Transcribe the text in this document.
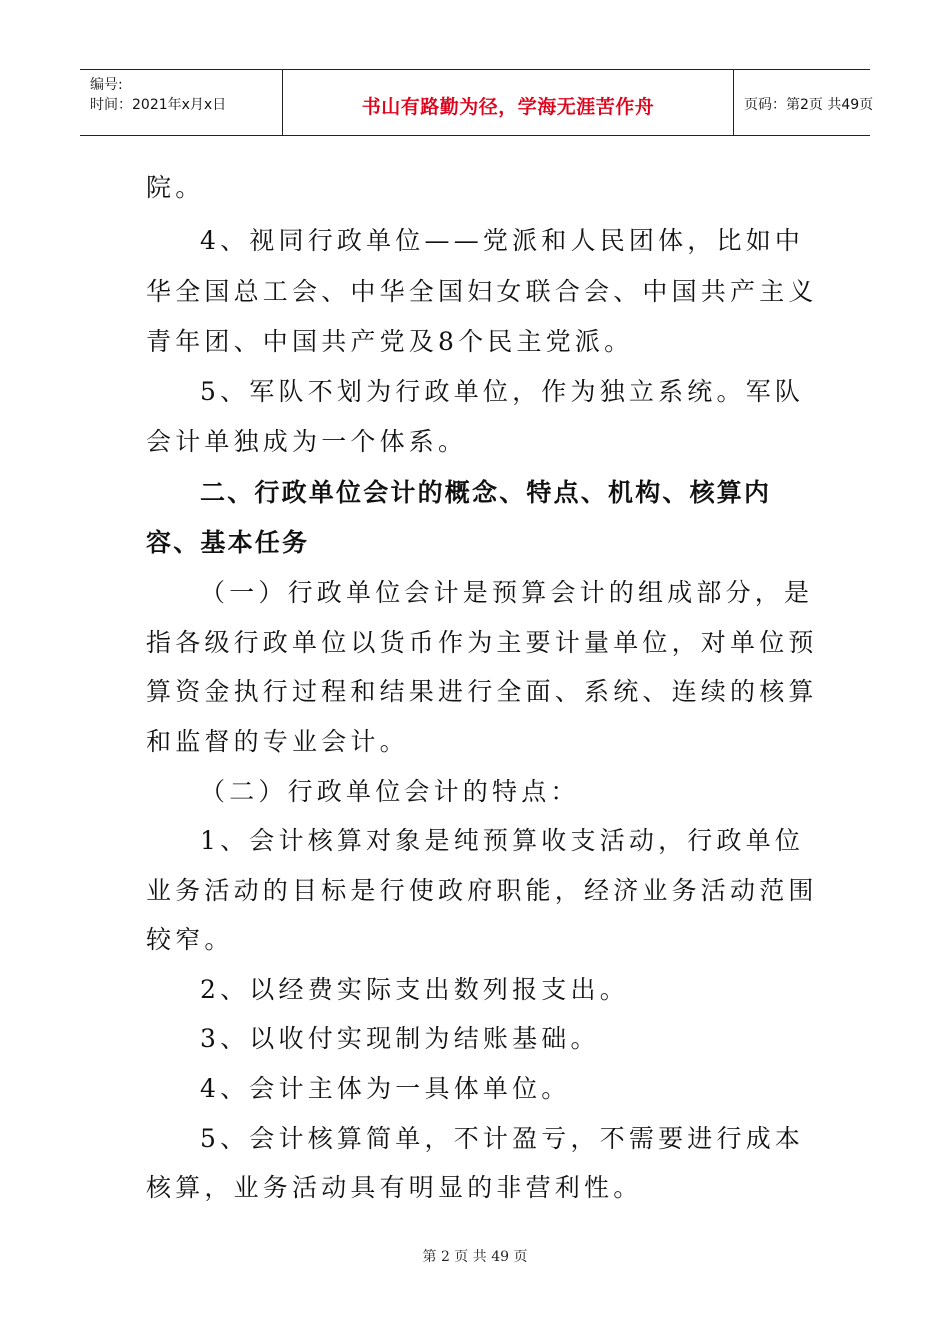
编号:
时间：2021年x月x日	书山有路勤为径，学海无涯苦作舟	页码：第2页 共49页
院。
4、视同行政单位——党派和人民团体，比如中
华全国总工会、中华全国妇女联合会、中国共产主义
青年团、中国共产党及8个民主党派。
5、军队不划为行政单位，作为独立系统。军队
会计单独成为一个体系。
二、行政单位会计的概念、特点、机构、核算内
容、基本任务
（一）行政单位会计是预算会计的组成部分，是
指各级行政单位以货币作为主要计量单位，对单位预
算资金执行过程和结果进行全面、系统、连续的核算
和监督的专业会计。
（二）行政单位会计的特点：
1、会计核算对象是纯预算收支活动，行政单位
业务活动的目标是行使政府职能，经济业务活动范围
较窄。
2、以经费实际支出数列报支出。
3、以收付实现制为结账基础。
4、会计主体为一具体单位。
5、会计核算简单，不计盈亏，不需要进行成本
核算，业务活动具有明显的非营利性。
第 2 页 共 49 页
